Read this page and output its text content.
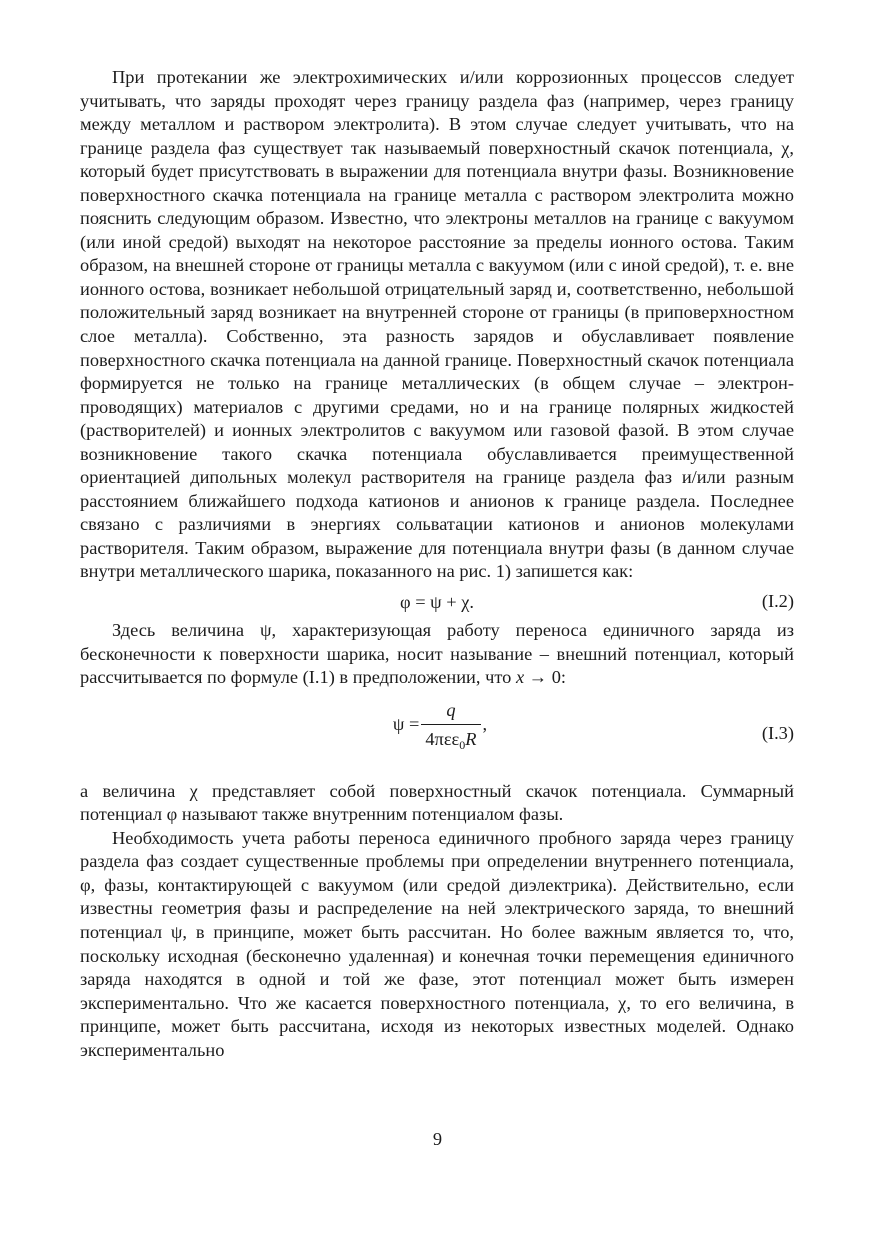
При протекании же электрохимических и/или коррозионных процессов следует учитывать, что заряды проходят через границу раздела фаз (например, через границу между металлом и раствором электролита). В этом случае следует учитывать, что на границе раздела фаз существует так называемый поверхностный скачок потенциала, χ, который будет присутствовать в выражении для потенциала внутри фазы. Возникновение поверхностного скачка потенциала на границе металла с раствором электролита можно пояснить следующим образом. Известно, что электроны металлов на границе с вакуумом (или иной средой) выходят на некоторое расстояние за пределы ионного остова. Таким образом, на внешней стороне от границы металла с вакуумом (или с иной средой), т. е. вне ионного остова, возникает небольшой отрицательный заряд и, соответственно, небольшой положительный заряд возникает на внутренней стороне от границы (в приповерхностном слое металла). Собственно, эта разность зарядов и обуславливает появление поверхностного скачка потенциала на данной границе. Поверхностный скачок потенциала формируется не только на границе металлических (в общем случае – электрон-проводящих) материалов с другими средами, но и на границе полярных жидкостей (растворителей) и ионных электролитов с вакуумом или газовой фазой. В этом случае возникновение такого скачка потенциала обуславливается преимущественной ориентацией дипольных молекул растворителя на границе раздела фаз и/или разным расстоянием ближайшего подхода катионов и анионов к границе раздела. Последнее связано с различиями в энергиях сольватации катионов и анионов молекулами растворителя. Таким образом, выражение для потенциала внутри фазы (в данном случае внутри металлического шарика, показанного на рис. 1) запишется как:

φ = ψ + χ.	(I.2)

Здесь величина ψ, характеризующая работу переноса единичного заряда из бесконечности к поверхности шарика, носит называние – внешний потенциал, который рассчитывается по формуле (I.1) в предположении, что x → 0:

$\psi = \frac{q}{4\pi\varepsilon\varepsilon_0R}$ ,	(I.3)

а величина χ представляет собой поверхностный скачок потенциала. Суммарный потенциал φ называют также внутренним потенциалом фазы.

Необходимость учета работы переноса единичного пробного заряда через границу раздела фаз создает существенные проблемы при определении внутреннего потенциала, φ, фазы, контактирующей с вакуумом (или средой диэлектрика). Действительно, если известны геометрия фазы и распределение на ней электрического заряда, то внешний потенциал ψ, в принципе, может быть рассчитан. Но более важным является то, что, поскольку исходная (бесконечно удаленная) и конечная точки перемещения единичного заряда находятся в одной и той же фазе, этот потенциал может быть измерен экспериментально. Что же касается поверхностного потенциала, χ, то его величина, в принципе, может быть рассчитана, исходя из некоторых известных моделей. Однако экспериментально

9
